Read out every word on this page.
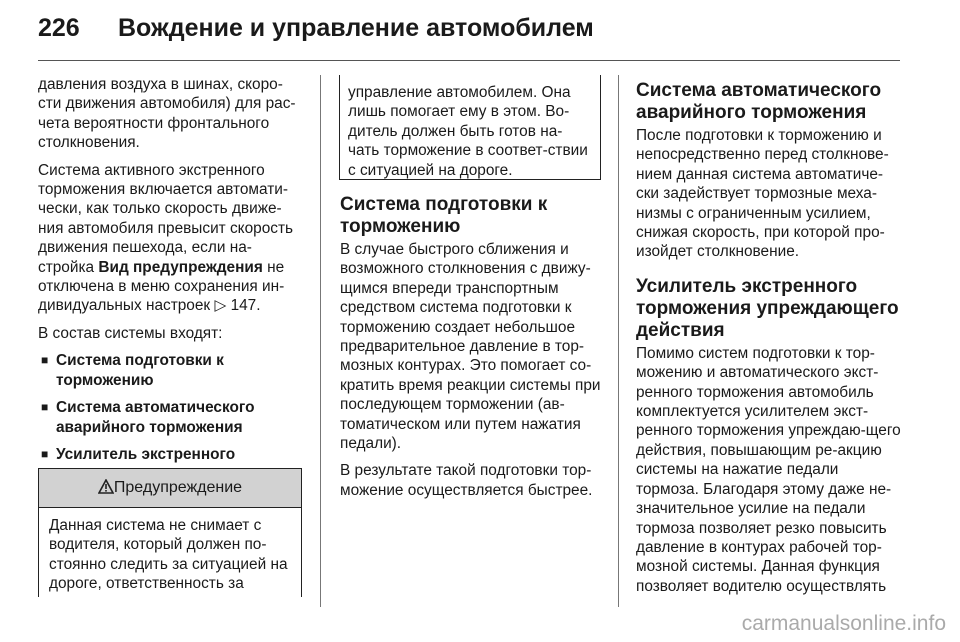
226 Вождение и управление автомобилем

давления воздуха в шинах, скоро-сти движения автомобиля) для рас-чета вероятности фронтального столкновения.

Система активного экстренного торможения включается автомати-чески, как только скорость движе-ния автомобиля превысит скорость движения пешехода, если на-стройка Вид предупреждения не отключена в меню сохранения ин-дивидуальных настроек ▷ 147.

В состав системы входят:

■ Система подготовки к торможению
■ Система автоматического аварийного торможения
■ Усилитель экстренного
Предупреждение
Данная система не снимает с водителя, который должен по-стоянно следить за ситуацией на дороге, ответственность за
управление автомобилем. Она лишь помогает ему в этом. Во-дитель должен быть готов на-чать торможение в соответ-ствии с ситуацией на дороге.
Система подготовки к торможению

В случае быстрого сближения и возможного столкновения с движу-щимся впереди транспортным средством система подготовки к торможению создает небольшое предварительное давление в тор-мозных контурах. Это помогает со-кратить время реакции системы при последующем торможении (ав-томатическом или путем нажатия педали).

В результате такой подготовки тор-можение осуществляется быстрее.

Система автоматического аварийного торможения

После подготовки к торможению и непосредственно перед столкнове-нием данная система автоматиче-ски задействует тормозные меха-низмы с ограниченным усилием, снижая скорость, при которой про-изойдет столкновение.

Усилитель экстренного торможения упреждающего действия

Помимо систем подготовки к тор-можению и автоматического экст-ренного торможения автомобиль комплектуется усилителем экст-ренного торможения упреждаю-щего действия, повышающим ре-акцию системы на нажатие педали тормоза. Благодаря этому даже не-значительное усилие на педали тормоза позволяет резко повысить давление в контурах рабочей тор-мозной системы. Данная функция позволяет водителю осуществлять

carmanualsonline.info
